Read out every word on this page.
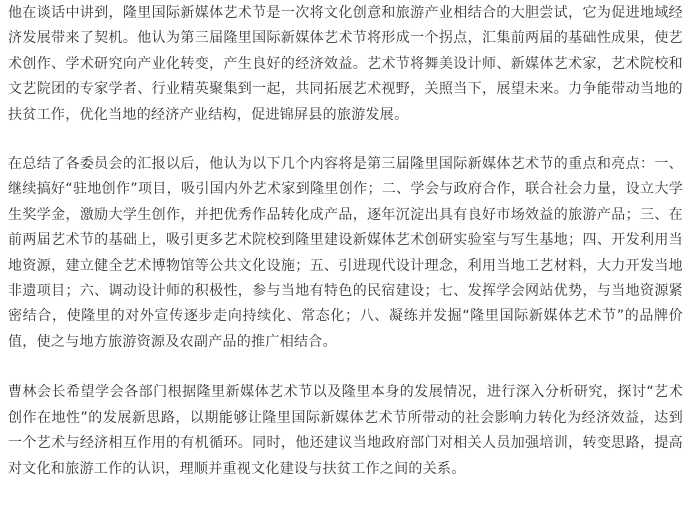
他在谈话中讲到，隆里国际新媒体艺术节是一次将文化创意和旅游产业相结合的大胆尝试，它为促进地域经济发展带来了契机。他认为第三届隆里国际新媒体艺术节将形成一个拐点，汇集前两届的基础性成果，使艺术创作、学术研究向产业化转变，产生良好的经济效益。艺术节将舞美设计师、新媒体艺术家，艺术院校和文艺院团的专家学者、行业精英聚集到一起，共同拓展艺术视野，关照当下，展望未来。力争能带动当地的扶贫工作，优化当地的经济产业结构，促进锦屏县的旅游发展。

在总结了各委员会的汇报以后，他认为以下几个内容将是第三届隆里国际新媒体艺术节的重点和亮点：一、继续搞好“驻地创作”项目，吸引国内外艺术家到隆里创作；二、学会与政府合作，联合社会力量，设立大学生奖学金，激励大学生创作，并把优秀作品转化成产品，逐年沉淀出具有良好市场效益的旅游产品；三、在前两届艺术节的基础上，吸引更多艺术院校到隆里建设新媒体艺术创研实验室与写生基地；四、开发利用当地资源，建立健全艺术博物馆等公共文化设施；五、引进现代设计理念，利用当地工艺材料，大力开发当地非遗项目；六、调动设计师的积极性，参与当地有特色的民宿建设；七、发挥学会网站优势，与当地资源紧密结合，使隆里的对外宣传逐步走向持续化、常态化；八、凝练并发掘“隆里国际新媒体艺术节”的品牌价值，使之与地方旅游资源及农副产品的推广相结合。

曹林会长希望学会各部门根据隆里新媒体艺术节以及隆里本身的发展情况，进行深入分析研究，探讨“艺术创作在地性”的发展新思路，以期能够让隆里国际新媒体艺术节所带动的社会影响力转化为经济效益，达到一个艺术与经济相互作用的有机循环。同时，他还建议当地政府部门对相关人员加强培训，转变思路，提高对文化和旅游工作的认识，理顺并重视文化建设与扶贫工作之间的关系。
